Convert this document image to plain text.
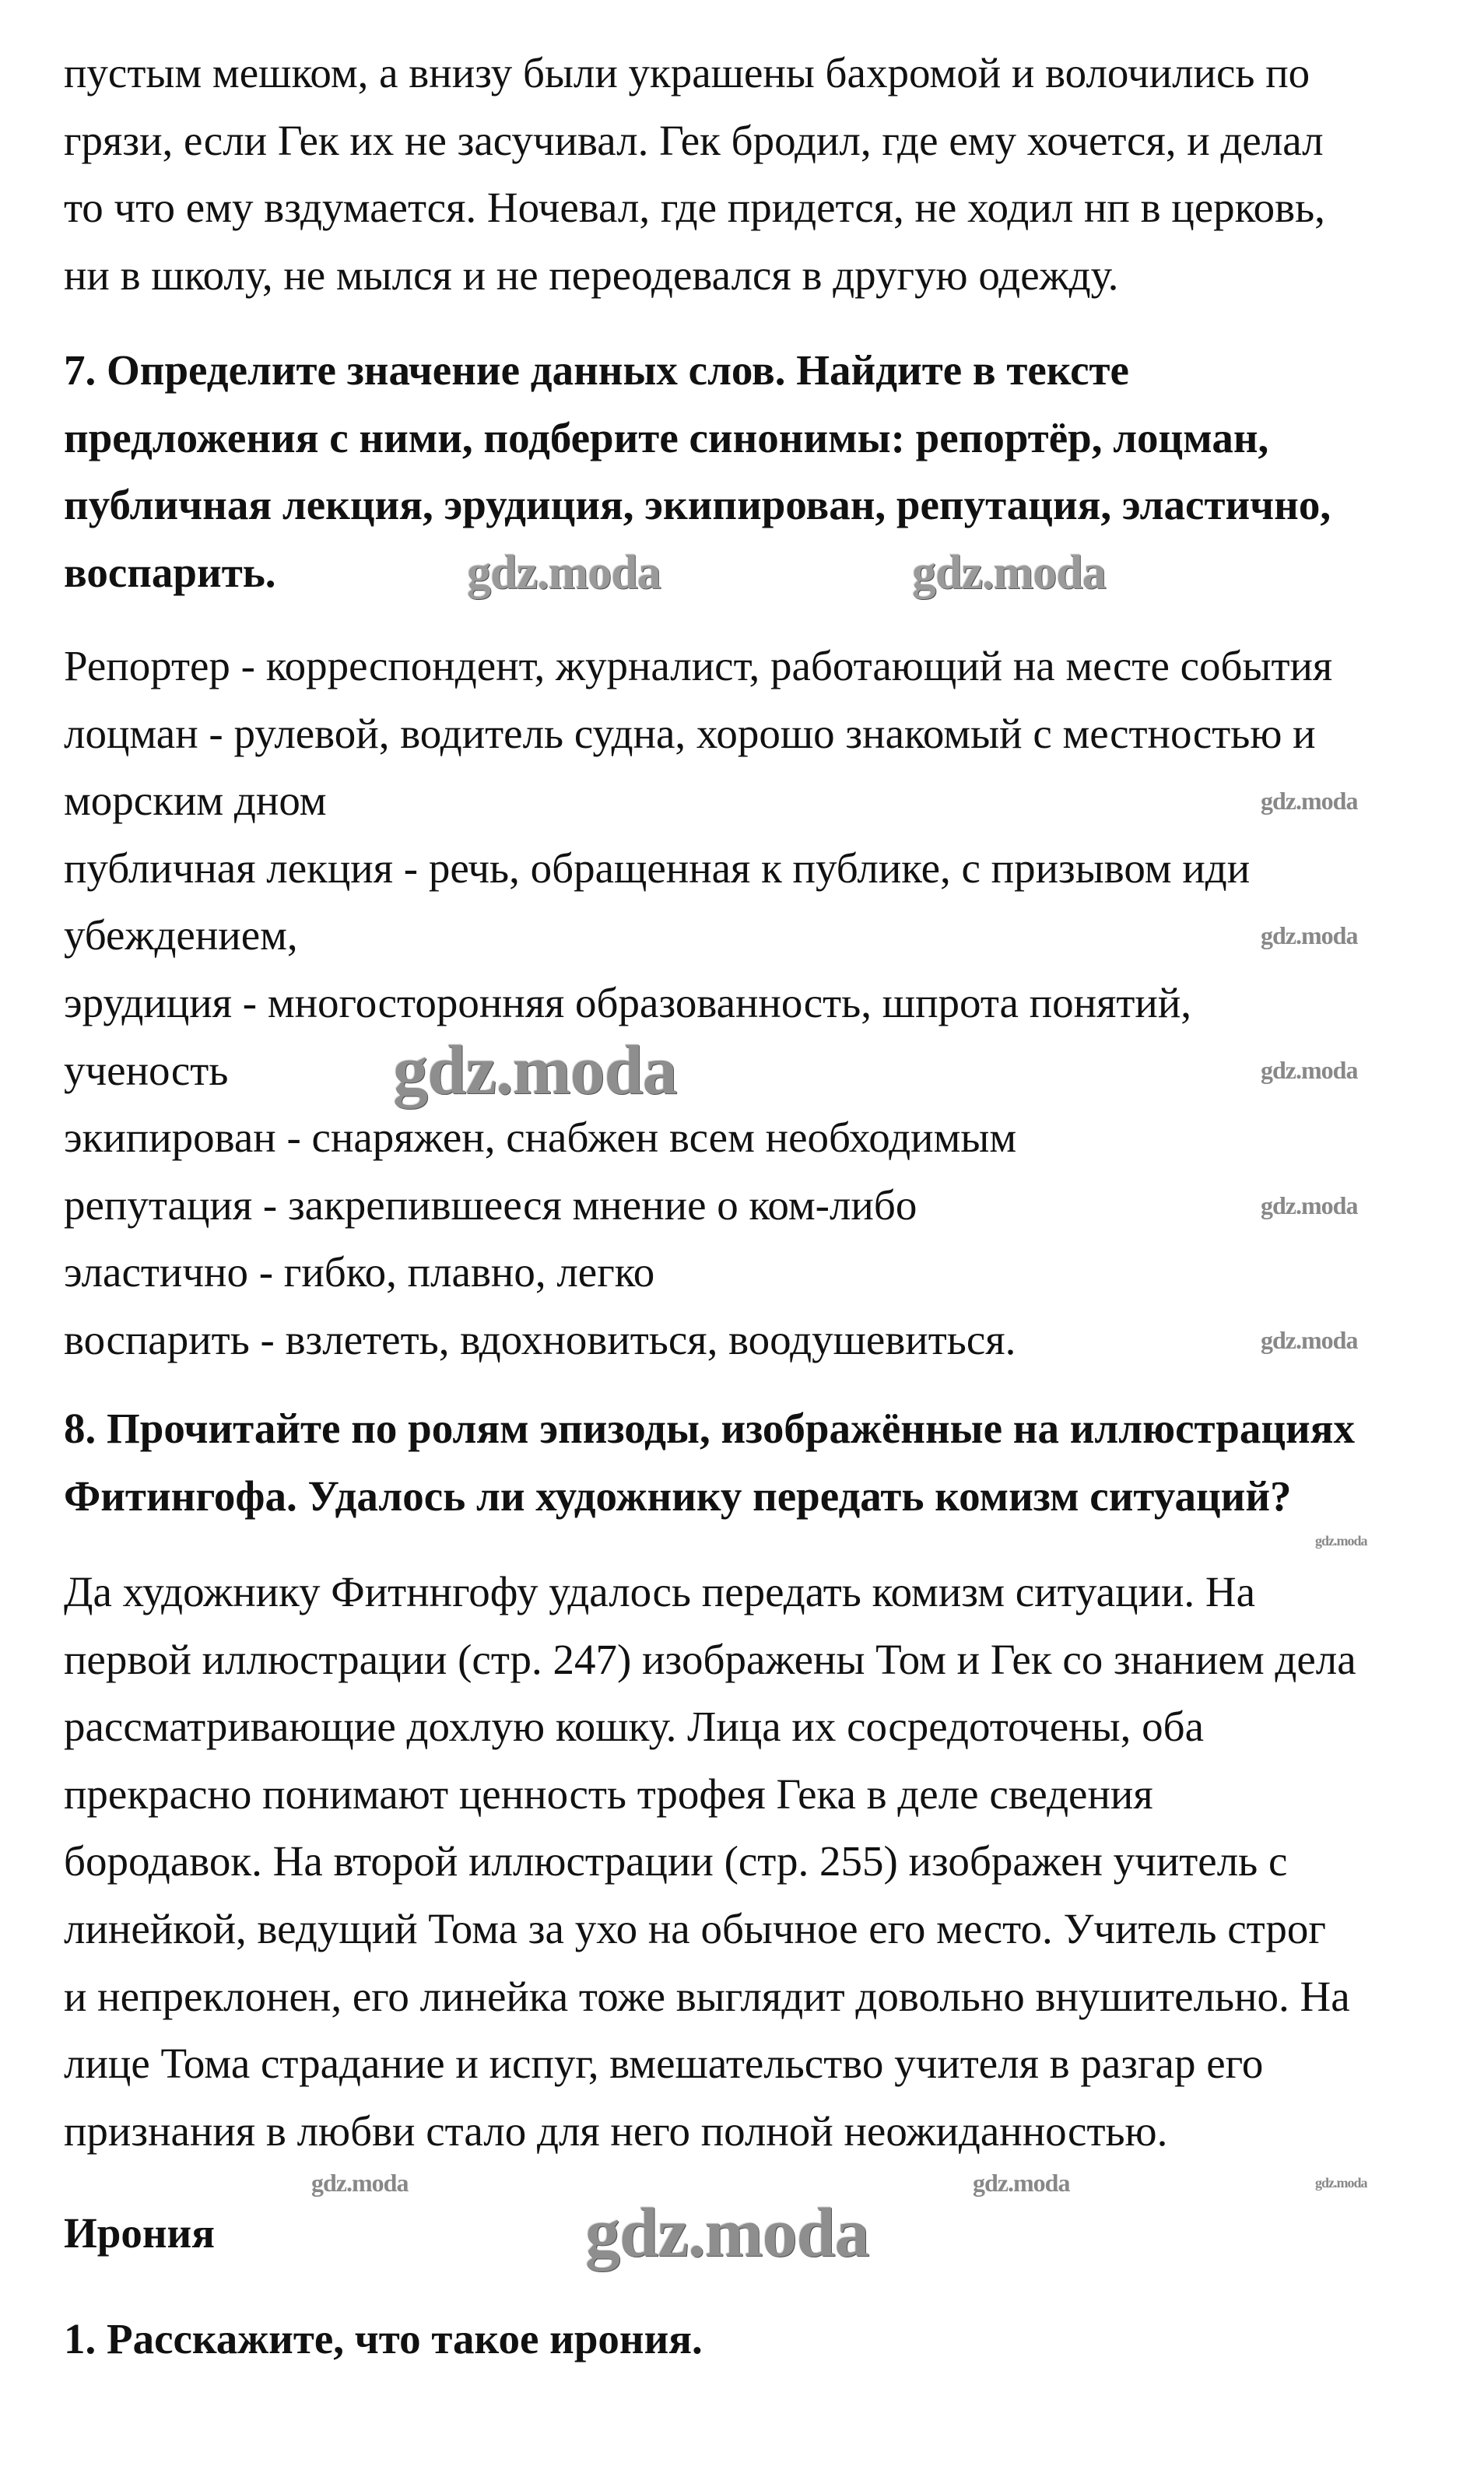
пустым мешком, а внизу были украшены бахромой и волочились по
грязи, если Гек их не засучивал. Гек бродил, где ему хочется, и делал
то что ему вздумается. Ночевал, где придется, не ходил нп в церковь,
ни в школу, не мылся и не переодевался в другую одежду.
7. Определите значение данных слов. Найдите в тексте
предложения с ними, подберите синонимы: репортёр, лоцман,
публичная лекция, эрудиция, экипирован, репутация, эластично,
воспарить.
Репортер - корреспондент, журналист, работающий на месте события
лоцман - рулевой, водитель судна, хорошо знакомый с местностью и
морским дном
публичная лекция - речь, обращенная к публике, с призывом иди
убеждением,
эрудиция - многосторонняя образованность, шпрота понятий,
ученость
экипирован - снаряжен, снабжен всем необходимым
репутация - закрепившееся мнение о ком-либо
эластично - гибко, плавно, легко
воспарить - взлететь, вдохновиться, воодушевиться.
8. Прочитайте по ролям эпизоды, изображённые на иллюстрациях
Фитингофа. Удалось ли художнику передать комизм ситуаций?
Да художнику Фитннгофу удалось передать комизм ситуации. На
первой иллюстрации (стр. 247) изображены Том и Гек со знанием дела
рассматривающие дохлую кошку. Лица их сосредоточены, оба
прекрасно понимают ценность трофея Гека в деле сведения
бородавок. На второй иллюстрации (стр. 255) изображен учитель с
линейкой, ведущий Тома за ухо на обычное его место. Учитель строг
и непреклонен, его линейка тоже выглядит довольно внушительно. На
лице Тома страдание и испуг, вмешательство учителя в разгар его
признания в любви стало для него полной неожиданностью.
Ирония
1. Расскажите, что такое ирония.
gdz.moda	gdz.moda
gdz.moda
gdz.moda
gdz.moda	gdz.moda
gdz.moda
gdz.moda
gdz.moda
gdz.moda	gdz.moda	gdz.moda
gdz.moda
